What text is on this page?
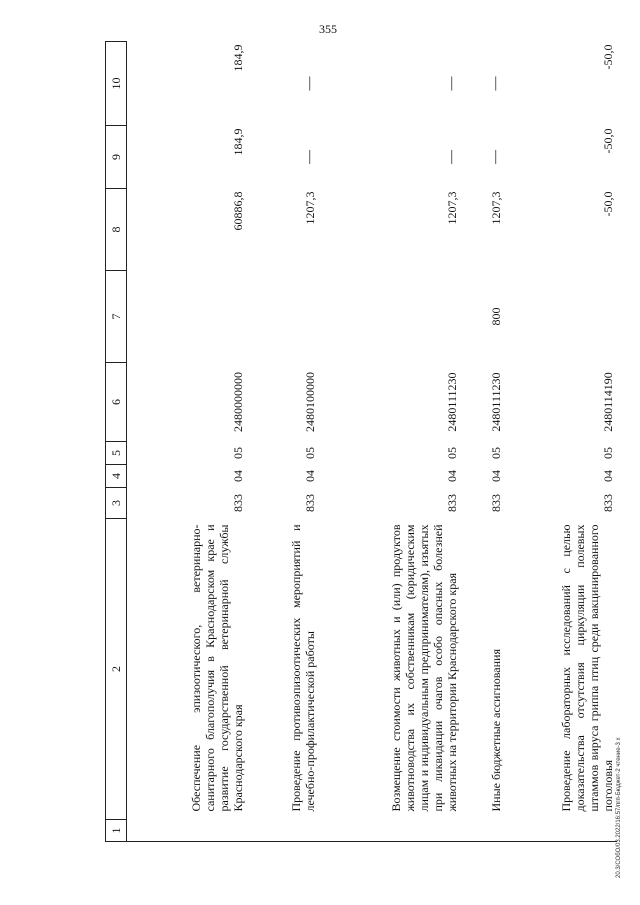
355
1	2	3	4	5	6	7	8	9	10
	Обеспечение эпизоотического, ветеринарно-санитарного благополучия в Краснодарском крае и развитие государственной ветеринарной службы Краснодарского края	833	04	05	2480000000		60886,8	184,9	184,9
	Проведение противоэпизоотических мероприятий и лечебно-профилактической работы	833	04	05	2480100000		1207,3	—	—
	Возмещение стоимости животных и (или) продуктов животноводства их собственникам (юридическим лицам и индивидуальным предпринимателям), изъятых при ликвидации очагов особо опасных болезней животных на территории Краснодарского края	833	04	05	2480111230		1207,3	—	—
	Иные бюджетные ассигнования	833	04	05	2480111230	800	1207,3	—	—
	Проведение лабораторных исследований с целью доказательства отсутствия циркуляции полевых штаммов вируса гриппа птиц среди вакцинированного поголовья	833	04	05	2480114190		-50,0	-50,0	-50,0
20.3/СОбО/03.2022/16:57/пгп-Бюджет-2 чтение-3 х
